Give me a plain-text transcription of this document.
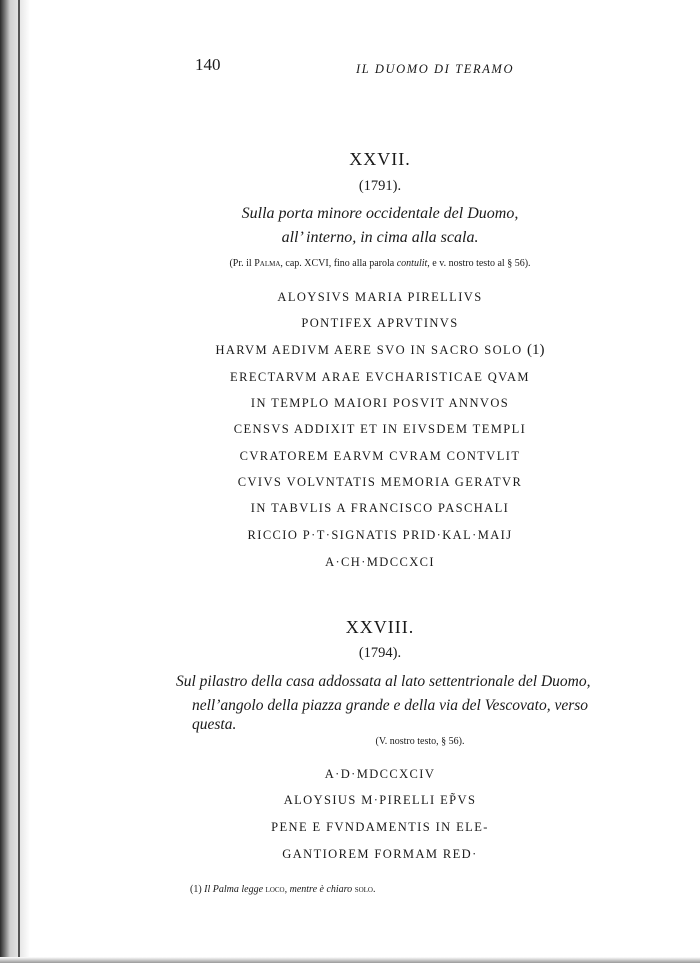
140	IL DUOMO DI TERAMO
XXVII.
(1791).
Sulla porta minore occidentale del Duomo,
all’ interno, in cima alla scala.
(Pr. il Palma, cap. XCVI, fino alla parola contulit, e v. nostro testo al § 56).
ALOYSIVS MARIA PIRELLIVS
PONTIFEX APRVTINVS
HARVM AEDIVM AERE SVO IN SACRO SOLO (1)
ERECTARVM ARAE EVCHARISTICAE QVAM
IN TEMPLO MAIORI POSVIT ANNVOS
CENSVS ADDIXIT ET IN EIVSDEM TEMPLI
CVRATOREM EARVM CVRAM CONTVLIT
CVIVS VOLVNTATIS MEMORIA GERATVR
IN TABVLIS A FRANCISCO PASCHALI
RICCIO P·T·SIGNATIS PRID·KAL·MAIJ
A·CH·MDCCXCI
XXVIII.
(1794).
Sul pilastro della casa addossata al lato settentrionale del Duomo,
nell’angolo della piazza grande e della via del Vescovato, verso
questa.
(V. nostro testo, § 56).
A·D·MDCCXCIV
ALOYSIUS M·PIRELLI EP̃VS
PENE E FVNDAMENTIS IN ELE-
GANTIOREM FORMAM RED·
(1) Il Palma legge loco, mentre è chiaro solo.
